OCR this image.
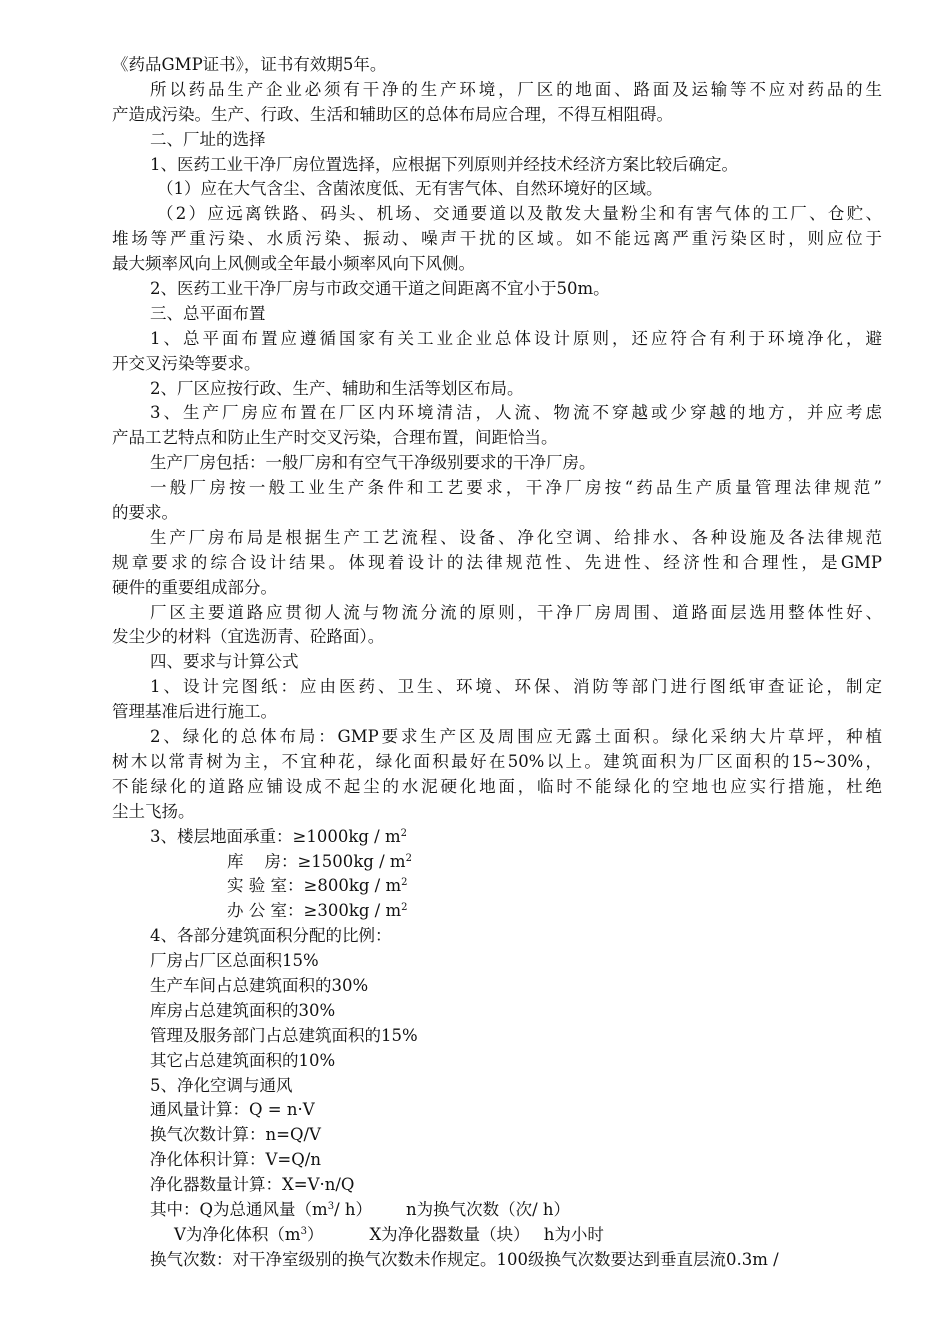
《药品GMP证书》，证书有效期5年。
所以药品生产企业必须有干净的生产环境，厂区的地面、路面及运输等不应对药品的生
产造成污染。生产、行政、生活和辅助区的总体布局应合理，不得互相阻碍。
二、厂址的选择
1、医药工业干净厂房位置选择，应根据下列原则并经技术经济方案比较后确定。
（1）应在大气含尘、含菌浓度低、无有害气体、自然环境好的区域。
（2）应远离铁路、码头、机场、交通要道以及散发大量粉尘和有害气体的工厂、仓贮、
堆场等严重污染、水质污染、振动、噪声干扰的区域。如不能远离严重污染区时，则应位于
最大频率风向上风侧或全年最小频率风向下风侧。
2、医药工业干净厂房与市政交通干道之间距离不宜小于50m。
三、总平面布置
1、总平面布置应遵循国家有关工业企业总体设计原则，还应符合有利于环境净化，避
开交叉污染等要求。
2、厂区应按行政、生产、辅助和生活等划区布局。
3、生产厂房应布置在厂区内环境清洁，人流、物流不穿越或少穿越的地方，并应考虑
产品工艺特点和防止生产时交叉污染，合理布置，间距恰当。
生产厂房包括：一般厂房和有空气干净级别要求的干净厂房。
一般厂房按一般工业生产条件和工艺要求，干净厂房按“药品生产质量管理法律规范”
的要求。
生产厂房布局是根据生产工艺流程、设备、净化空调、给排水、各种设施及各法律规范
规章要求的综合设计结果。体现着设计的法律规范性、先进性、经济性和合理性，是GMP
硬件的重要组成部分。
厂区主要道路应贯彻人流与物流分流的原则，干净厂房周围、道路面层选用整体性好、
发尘少的材料（宜选沥青、砼路面）。
四、要求与计算公式
1、设计完图纸：应由医药、卫生、环境、环保、消防等部门进行图纸审查证论，制定
管理基准后进行施工。
2、绿化的总体布局：GMP要求生产区及周围应无露土面积。绿化采纳大片草坪，种植
树木以常青树为主，不宜种花，绿化面积最好在50%以上。建筑面积为厂区面积的15~30%，
不能绿化的道路应铺设成不起尘的水泥硬化地面，临时不能绿化的空地也应实行措施，杜绝
尘土飞扬。
3、楼层地面承重：$\ge 1000kg / m^2$
库    房：$\ge 1500kg / m^2$
实 验 室：$\ge 800kg / m^2$
办 公 室：$\ge 300kg / m^2$
4、各部分建筑面积分配的比例：
厂房占厂区总面积15%
生产车间占总建筑面积的30%
库房占总建筑面积的30%
管理及服务部门占总建筑面积的15%
其它占总建筑面积的10%
5、净化空调与通风
通风量计算：Q = n·V
换气次数计算：n=Q/V
净化体积计算：V=Q/n
净化器数量计算：X=V·n/Q
其中：Q为总通风量（$m^3/$ h） n为换气次数（次/ h）
V为净化体积$(m^3)$	X为净化器数量（块） h为小时
换气次数：对干净室级别的换气次数未作规定。100级换气次数要达到垂直层流0.3m /
